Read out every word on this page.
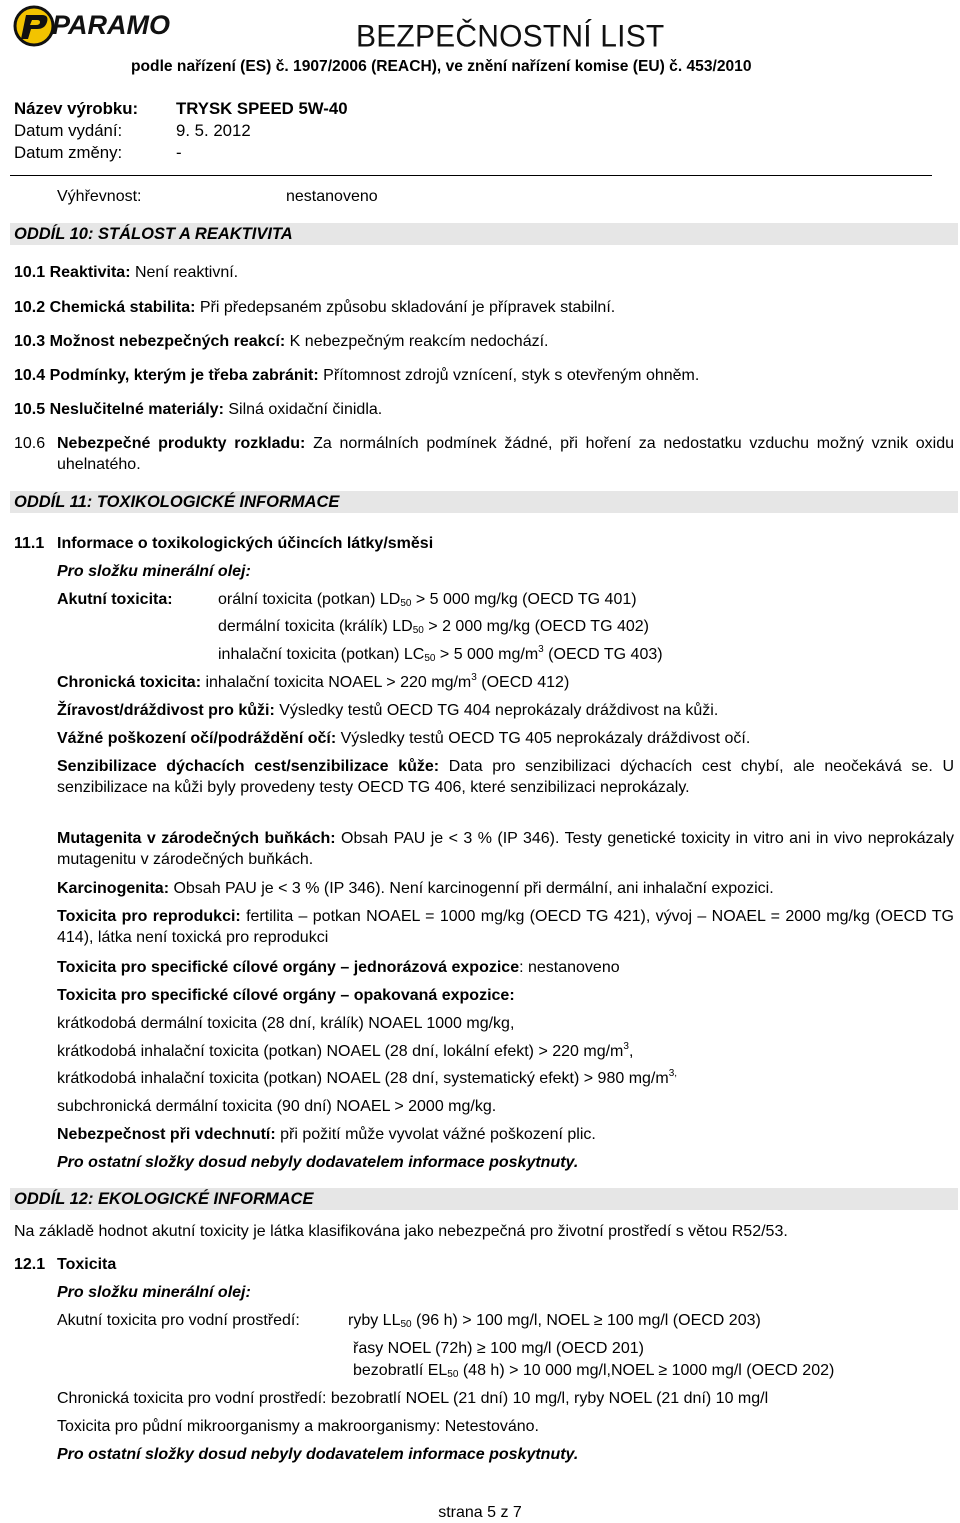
PARAMO	BEZPEČNOSTNÍ LIST
podle nařízení (ES) č. 1907/2006 (REACH), ve znění nařízení komise (EU) č. 453/2010
Název výrobku:	TRYSK SPEED 5W-40
Datum vydání:	9. 5. 2012
Datum změny:	-
Výhřevnost:	nestanoveno
ODDÍL 10: STÁLOST A REAKTIVITA
10.1 Reaktivita: Není reaktivní.
10.2 Chemická stabilita: Při předepsaném způsobu skladování je přípravek stabilní.
10.3 Možnost nebezpečných reakcí: K nebezpečným reakcím nedochází.
10.4 Podmínky, kterým je třeba zabránit: Přítomnost zdrojů vznícení, styk s otevřeným ohněm.
10.5 Neslučitelné materiály: Silná oxidační činidla.
10.6 Nebezpečné produkty rozkladu: Za normálních podmínek žádné, při hoření za nedostatku vzduchu možný vznik oxidu uhelnatého.
ODDÍL 11: TOXIKOLOGICKÉ INFORMACE
11.1 Informace o toxikologických účincích látky/směsi
Pro složku minerální olej:
Akutní toxicita:	orální toxicita (potkan) $LD_{50} > 5$ 000 mg/kg (OECD TG 401)
dermální toxicita (králík) $LD_{50} > 2$ 000 mg/kg (OECD TG 402)
inhalační toxicita (potkan) $LC_{50} > 5$ 000 $mg/m^3$ (OECD TG 403)
Chronická toxicita: inhalační toxicita NOAEL > 220 $mg/m^3$ (OECD 412)
Žíravost/dráždivost pro kůži: Výsledky testů OECD TG 404 neprokázaly dráždivost na kůži.
Vážné poškození očí/podráždění očí: Výsledky testů OECD TG 405 neprokázaly dráždivost očí.
Senzibilizace dýchacích cest/senzibilizace kůže: Data pro senzibilizaci dýchacích cest chybí, ale neočekává se. U senzibilizace na kůži byly provedeny testy OECD TG 406, které senzibilizaci neprokázaly.
Mutagenita v zárodečných buňkách: Obsah PAU je < 3 % (IP 346). Testy genetické toxicity in vitro ani in vivo neprokázaly mutagenitu v zárodečných buňkách.
Karcinogenita: Obsah PAU je < 3 % (IP 346). Není karcinogenní při dermální, ani inhalační expozici.
Toxicita pro reprodukci: fertilita – potkan NOAEL = 1000 mg/kg (OECD TG 421), vývoj – NOAEL = 2000 mg/kg (OECD TG 414), látka není toxická pro reprodukci
Toxicita pro specifické cílové orgány – jednorázová expozice: nestanoveno
Toxicita pro specifické cílové orgány – opakovaná expozice:
krátkodobá dermální toxicita (28 dní, králík) NOAEL 1000 mg/kg,
krátkodobá inhalační toxicita (potkan) NOAEL (28 dní, lokální efekt) > 220 $mg/m^3$,
krátkodobá inhalační toxicita (potkan) NOAEL (28 dní, systematický efekt) > 980 $mg/m^{3,}$
subchronická dermální toxicita (90 dní) NOAEL > 2000 mg/kg.
Nebezpečnost při vdechnutí: při požití může vyvolat vážné poškození plic.
Pro ostatní složky dosud nebyly dodavatelem informace poskytnuty.
ODDÍL 12: EKOLOGICKÉ INFORMACE
Na základě hodnot akutní toxicity je látka klasifikována jako nebezpečná pro životní prostředí s větou R52/53.
12.1 Toxicita
Pro složku minerální olej:
Akutní toxicita pro vodní prostředí:	ryby $LL_{50}$ (96 h) > 100 mg/l, NOEL ≥ 100 mg/l (OECD 203)
řasy NOEL (72h) ≥ 100 mg/l (OECD 201)
bezobratlí $EL_{50}$ (48 h) > 10 000 mg/l,NOEL ≥ 1000 mg/l (OECD 202)
Chronická toxicita pro vodní prostředí: bezobratlí NOEL (21 dní) 10 mg/l, ryby NOEL (21 dní) 10 mg/l
Toxicita pro půdní mikroorganismy a makroorganismy: Netestováno.
Pro ostatní složky dosud nebyly dodavatelem informace poskytnuty.
strana 5 z 7
